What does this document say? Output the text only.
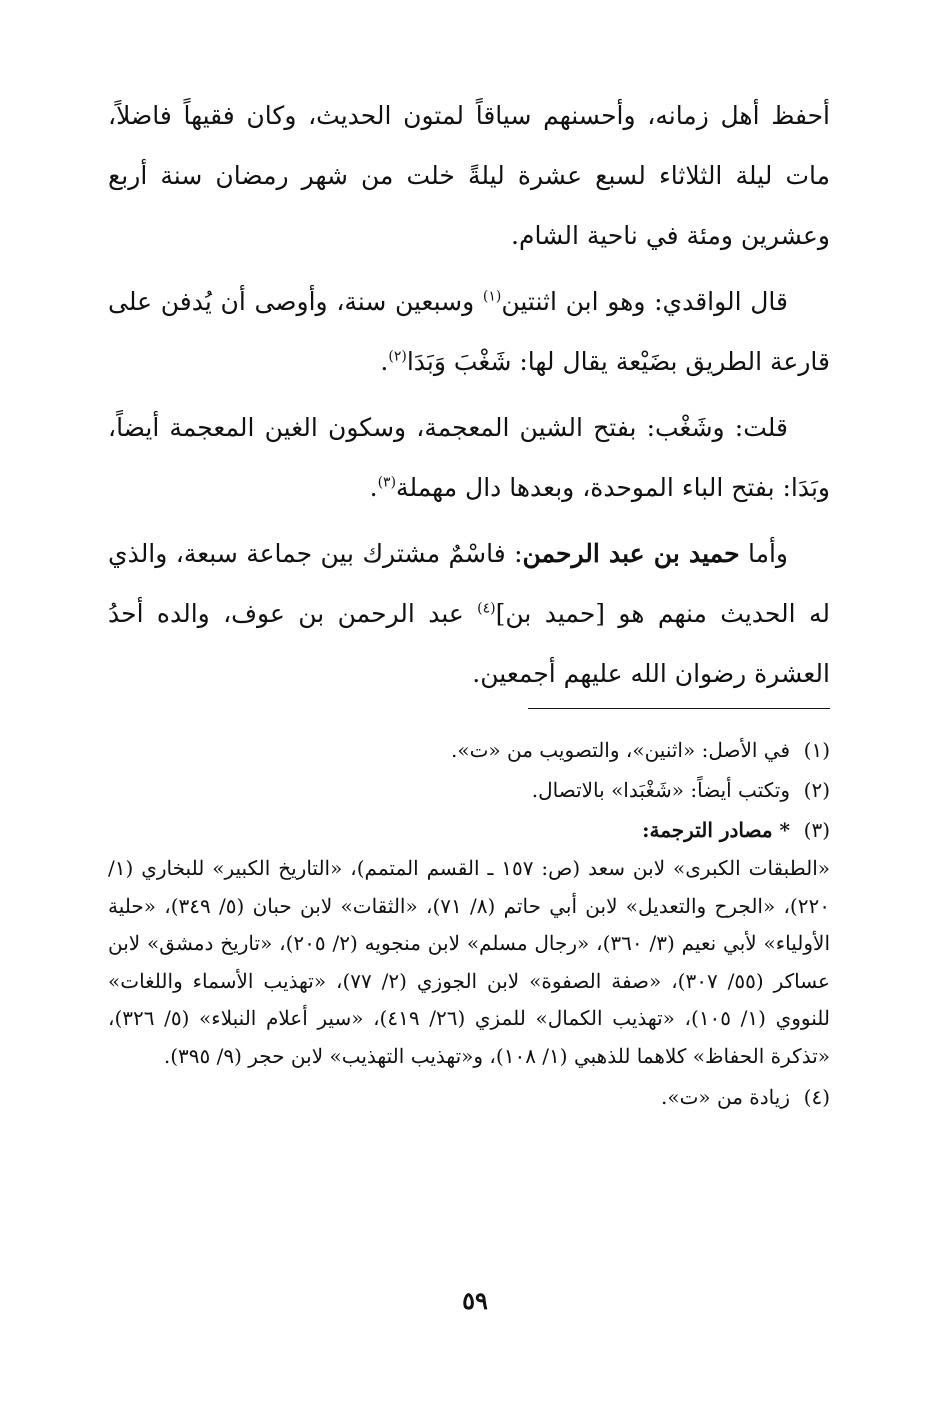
أحفظ أهل زمانه، وأحسنهم سياقاً لمتون الحديث، وكان فقيهاً فاضلاً، مات ليلة الثلاثاء لسبع عشرة ليلةً خلت من شهر رمضان سنة أربع وعشرين ومئة في ناحية الشام.

قال الواقدي: وهو ابن اثنتين$^{(١)}$ وسبعين سنة، وأوصى أن يُدفن على قارعة الطريق بضَيْعة يقال لها: شَغْبَ وَبَدَا$^{(٢)}$.

قلت: وشَغْب: بفتح الشين المعجمة، وسكون الغين المعجمة أيضاً، وبَدَا: بفتح الباء الموحدة، وبعدها دال مهملة$^{(٣)}$.

وأما حميد بن عبد الرحمن: فاسْمٌ مشترك بين جماعة سبعة، والذي له الحديث منهم هو [حميد بن]$^{(٤)}$ عبد الرحمن بن عوف، والده أحدُ العشرة رضوان الله عليهم أجمعين.

(١)
في الأصل: «اثنين»، والتصويب من «ت».
(٢)
وتكتب أيضاً: «شَغْبَدا» بالاتصال.
(٣)
* مصادر الترجمة:

«الطبقات الكبرى» لابن سعد (ص: ١٥٧ ـ القسم المتمم)، «التاريخ الكبير» للبخاري (١/ ٢٢٠)، «الجرح والتعديل» لابن أبي حاتم (٨/ ٧١)، «الثقات» لابن حبان (٥/ ٣٤٩)، «حلية الأولياء» لأبي نعيم (٣/ ٣٦٠)، «رجال مسلم» لابن منجويه (٢/ ٢٠٥)، «تاريخ دمشق» لابن عساكر (٥٥/ ٣٠٧)، «صفة الصفوة» لابن الجوزي (٢/ ٧٧)، «تهذيب الأسماء واللغات» للنووي (١/ ١٠٥)، «تهذيب الكمال» للمزي (٢٦/ ٤١٩)، «سير أعلام النبلاء» (٥/ ٣٢٦)، «تذكرة الحفاظ» كلاهما للذهبي (١/ ١٠٨)، و«تهذيب التهذيب» لابن حجر (٩/ ٣٩٥).

(٤)
زيادة من «ت».
٥٩
